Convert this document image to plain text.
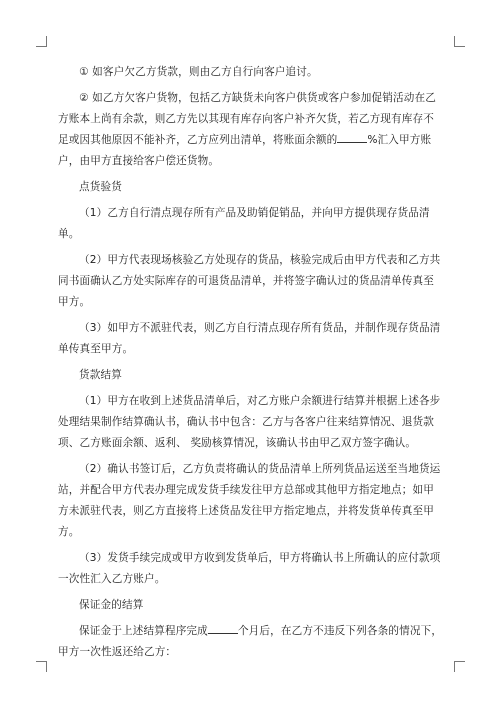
① 如客户欠乙方货款，则由乙方自行向客户追讨。

② 如乙方欠客户货物，包括乙方缺货未向客户供货或客户参加促销活动在乙方账本上尚有余款，则乙方先以其现有库存向客户补齐欠货，若乙方现有库存不足或因其他原因不能补齐，乙方应列出清单，将账面余额的	%汇入甲方账户，由甲方直接给客户偿还货物。

点货验货

（1）乙方自行清点现存所有产品及助销促销品，并向甲方提供现存货品清单。

（2）甲方代表现场核验乙方处现存的货品，核验完成后由甲方代表和乙方共同书面确认乙方处实际库存的可退货品清单，并将签字确认过的货品清单传真至甲方。

（3）如甲方不派驻代表，则乙方自行清点现存所有货品，并制作现存货品清单传真至甲方。

货款结算

（1）甲方在收到上述货品清单后，对乙方账户余额进行结算并根据上述各步处理结果制作结算确认书，确认书中包含：乙方与各客户往来结算情况、退货款项、乙方账面余额、返利、 奖励核算情况，该确认书由甲乙双方签字确认。

（2）确认书签订后，乙方负责将确认的货品清单上所列货品运送至当地货运站，并配合甲方代表办理完成发货手续发往甲方总部或其他甲方指定地点；如甲方未派驻代表，则乙方直接将上述货品发往甲方指定地点，并将发货单传真至甲方。

（3）发货手续完成或甲方收到发货单后，甲方将确认书上所确认的应付款项一次性汇入乙方账户。

保证金的结算

保证金于上述结算程序完成	个月后，在乙方不违反下列各条的情况下，甲方一次性返还给乙方：
